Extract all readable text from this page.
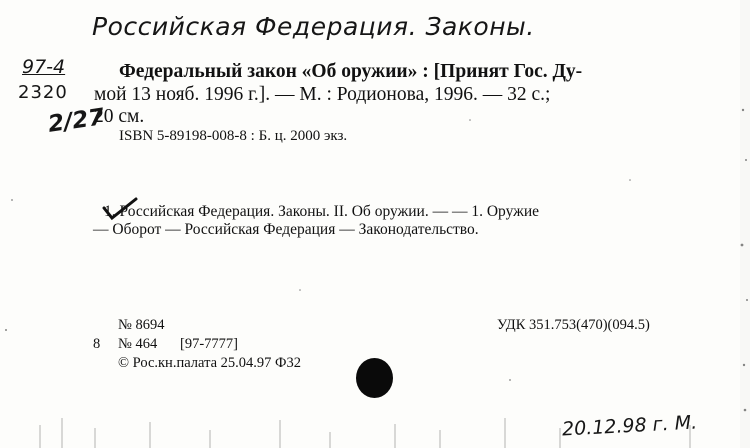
Российская Федерация. Законы.
97-4
2320
2/27
Федеральный закон «Об оружии» : [Принят Гос. Ду-
мой 13 нояб. 1996 г.]. — М. : Родионова, 1996. — 32 с.;
20 см.
ISBN 5-89198-008-8 : Б. ц. 2000 экз.
1. Российская Федерация. Законы. II. Об оружии. — — 1. Оружие
— Оборот — Российская Федерация — Законодательство.
№ 8694
8 № 464 [97-7777]
© Рос.кн.палата 25.04.97 Ф32
УДК 351.753(470)(094.5)
20.12.98 г. М.
